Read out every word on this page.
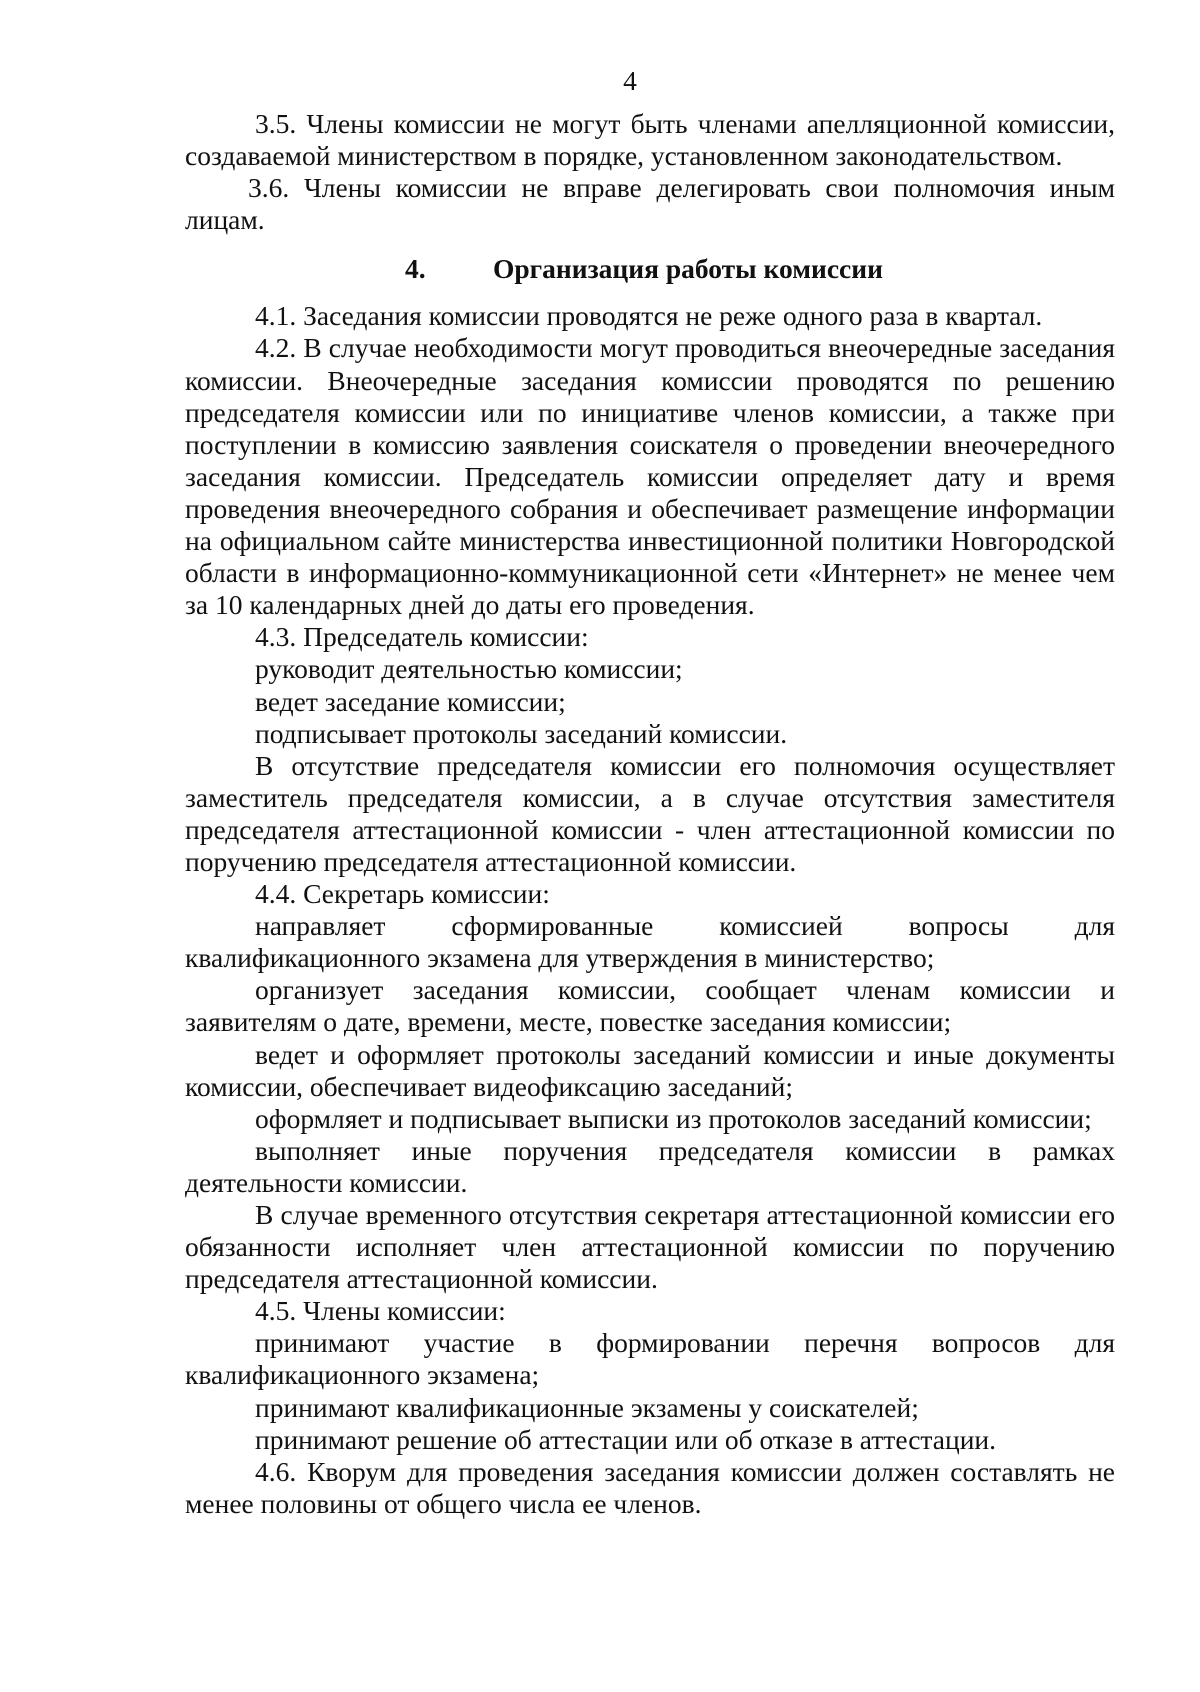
4

3.5. Члены комиссии не могут быть членами апелляционной комиссии, создаваемой министерством в порядке, установленном законодательством.

3.6. Члены комиссии не вправе делегировать свои полномочия иным лицам.

4.	Организация работы комиссии

4.1. Заседания комиссии проводятся не реже одного раза в квартал.

4.2. В случае необходимости могут проводиться внеочередные заседания комиссии. Внеочередные заседания комиссии проводятся по решению председателя комиссии или по инициативе членов комиссии, а также при поступлении в комиссию заявления соискателя о проведении внеочередного заседания комиссии. Председатель комиссии определяет дату и время проведения внеочередного собрания и обеспечивает размещение информации на официальном сайте министерства инвестиционной политики Новгородской области в информационно-коммуникационной сети «Интернет» не менее чем за 10 календарных дней до даты его проведения.

4.3. Председатель комиссии:

руководит деятельностью комиссии;

ведет заседание комиссии;

подписывает протоколы заседаний комиссии.

В отсутствие председателя комиссии его полномочия осуществляет заместитель председателя комиссии, а в случае отсутствия заместителя председателя аттестационной комиссии - член аттестационной комиссии по поручению председателя аттестационной комиссии.

4.4. Секретарь комиссии:

направляет сформированные комиссией вопросы для квалификационного экзамена для утверждения в министерство;

организует заседания комиссии, сообщает членам комиссии и заявителям о дате, времени, месте, повестке заседания комиссии;

ведет и оформляет протоколы заседаний комиссии и иные документы комиссии, обеспечивает видеофиксацию заседаний;

оформляет и подписывает выписки из протоколов заседаний комиссии;

выполняет иные поручения председателя комиссии в рамках деятельности комиссии.

В случае временного отсутствия секретаря аттестационной комиссии его обязанности исполняет член аттестационной комиссии по поручению председателя аттестационной комиссии.

4.5. Члены комиссии:

принимают участие в формировании перечня вопросов для квалификационного экзамена;

принимают квалификационные экзамены у соискателей;

принимают решение об аттестации или об отказе в аттестации.

4.6. Кворум для проведения заседания комиссии должен составлять не менее половины от общего числа ее членов.
